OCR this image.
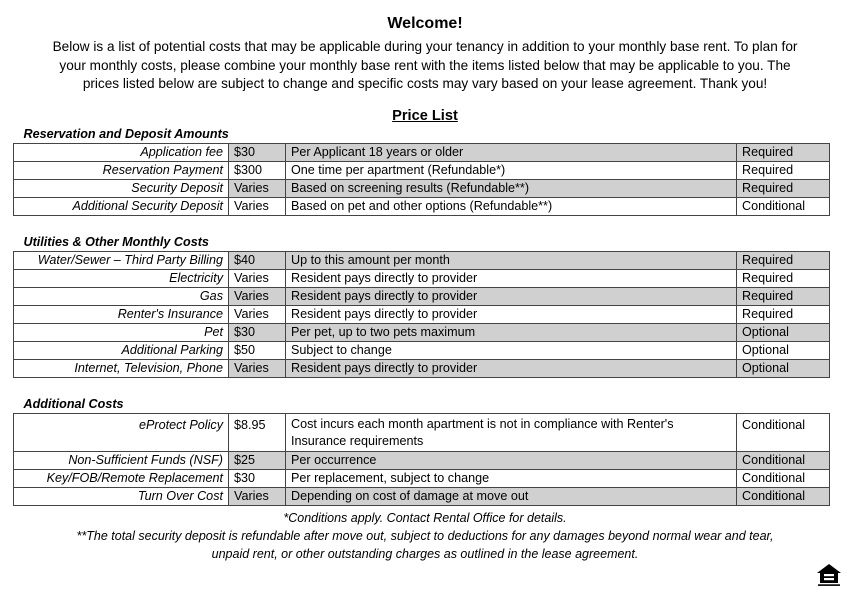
Welcome!
Below is a list of potential costs that may be applicable during your tenancy in addition to your monthly base rent. To plan for
your monthly costs, please combine your monthly base rent with the items listed below that may be applicable to you. The
prices listed below are subject to change and specific costs may vary based on your lease agreement. Thank you!
Price List
Reservation and Deposit Amounts			
Application fee	$30	Per Applicant 18 years or older	Required
Reservation Payment	$300	One time per apartment (Refundable*)	Required
Security Deposit	Varies	Based on screening results (Refundable**)	Required
Additional Security Deposit	Varies	Based on pet and other options (Refundable**)	Conditional

Utilities & Other Monthly Costs			
Water/Sewer – Third Party Billing	$40	Up to this amount per month	Required
Electricity	Varies	Resident pays directly to provider	Required
Gas	Varies	Resident pays directly to provider	Required
Renter's Insurance	Varies	Resident pays directly to provider	Required
Pet	$30	Per pet, up to two pets maximum	Optional
Additional Parking	$50	Subject to change	Optional
Internet, Television, Phone	Varies	Resident pays directly to provider	Optional

Additional Costs			
eProtect Policy	$8.95	Cost incurs each month apartment is not in compliance with Renter's Insurance requirements	Conditional
Non-Sufficient Funds (NSF)	$25	Per occurrence	Conditional
Key/FOB/Remote Replacement	$30	Per replacement, subject to change	Conditional
Turn Over Cost	Varies	Depending on cost of damage at move out	Conditional
*Conditions apply. Contact Rental Office for details.
**The total security deposit is refundable after move out, subject to deductions for any damages beyond normal wear and tear,
unpaid rent, or other outstanding charges as outlined in the lease agreement.
